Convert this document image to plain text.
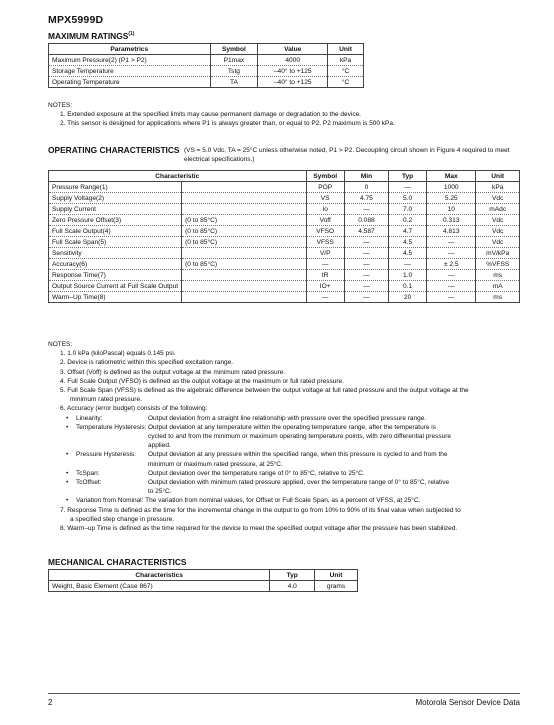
MPX5999D
MAXIMUM RATINGS$^{(1)}$
Parametrics	Symbol	Value	Unit
Maximum Pressure(2) (P1 > P2)	P1max	4000	kPa
Storage Temperature	Tstg	–40° to +125	°C
Operating Temperature	TA	–40° to +125	°C

NOTES:

1. Extended exposure at the specified limits may cause permanent damage or degradation to the device.

2. This sensor is designed for applications where P1 is always greater than, or equal to P2. P2 maximum is 500 kPa.

OPERATING CHARACTERISTICS (VS = 5.0 Vdc, TA = 25°C unless otherwise noted, P1 > P2. Decoupling circuit shown in Figure 4 required to meet electrical specifications.)
Characteristic		Symbol	Min	Typ	Max	Unit
Pressure Range(1)		POP	0	—	1000	kPa
Supply Voltage(2)		VS	4.75	5.0	5.25	Vdc
Supply Current		Io	—	7.0	10	mAdc
Zero Pressure Offset(3)	(0 to 85°C)	Voff	0.088	0.2	0.313	Vdc
Full Scale Output(4)	(0 to 85°C)	VFSO	4.587	4.7	4.813	Vdc
Full Scale Span(5)	(0 to 85°C)	VFSS	—	4.5	—	Vdc
Sensitivity		V/P	—	4.5	—	mV/kPa
Accuracy(6)	(0 to 85°C)	—	—	—	± 2.5	%VFSS
Response Time(7)		tR	—	1.0	—	ms
Output Source Current at Full Scale Output		IO+	—	0.1	—	mA
Warm–Up Time(8)		—	—	20	—	ms

NOTES:

1. 1.0 kPa (kiloPascal) equals 0.145 psi.

2. Device is ratiometric within this specified excitation range.

3. Offset (Voff) is defined as the output voltage at the minimum rated pressure.

4. Full Scale Output (VFSO) is defined as the output voltage at the maximum or full rated pressure.

5. Full Scale Span (VFSS) is defined as the algebraic difference between the output voltage at full rated pressure and the output voltage at the

minimum rated pressure.

6. Accuracy (error budget) consists of the following:

•	Linearity:	Output deviation from a straight line relationship with pressure over the specified pressure range.
•	Temperature Hysteresis: Output deviation at any temperature within the operating temperature range, after the temperature is
cycled to and from the minimum or maximum operating temperature points, with zero differential pressure
applied.
•	Pressure Hysteresis:	Output deviation at any pressure within the specified range, when this pressure is cycled to and from the
minimum or maximum rated pressure, at 25°C.
•	TcSpan:	Output deviation over the temperature range of 0° to 85°C, relative to 25°C.
•	TcOffset:	Output deviation with minimum rated pressure applied, over the temperature range of 0° to 85°C, relative
to 25°C.
•	Variation from Nominal: The variation from nominal values, for Offset or Full Scale Span, as a percent of VFSS, at 25°C.

7. Response Time is defined as the time for the incremental change in the output to go from 10% to 90% of its final value when subjected to

a specified step change in pressure.

8. Warm–up Time is defined as the time required for the device to meet the specified output voltage after the pressure has been stabilized.

MECHANICAL CHARACTERISTICS
Characteristics	Typ	Unit
Weight, Basic Element (Case 867)	4.0	grams
2	Motorola Sensor Device Data
